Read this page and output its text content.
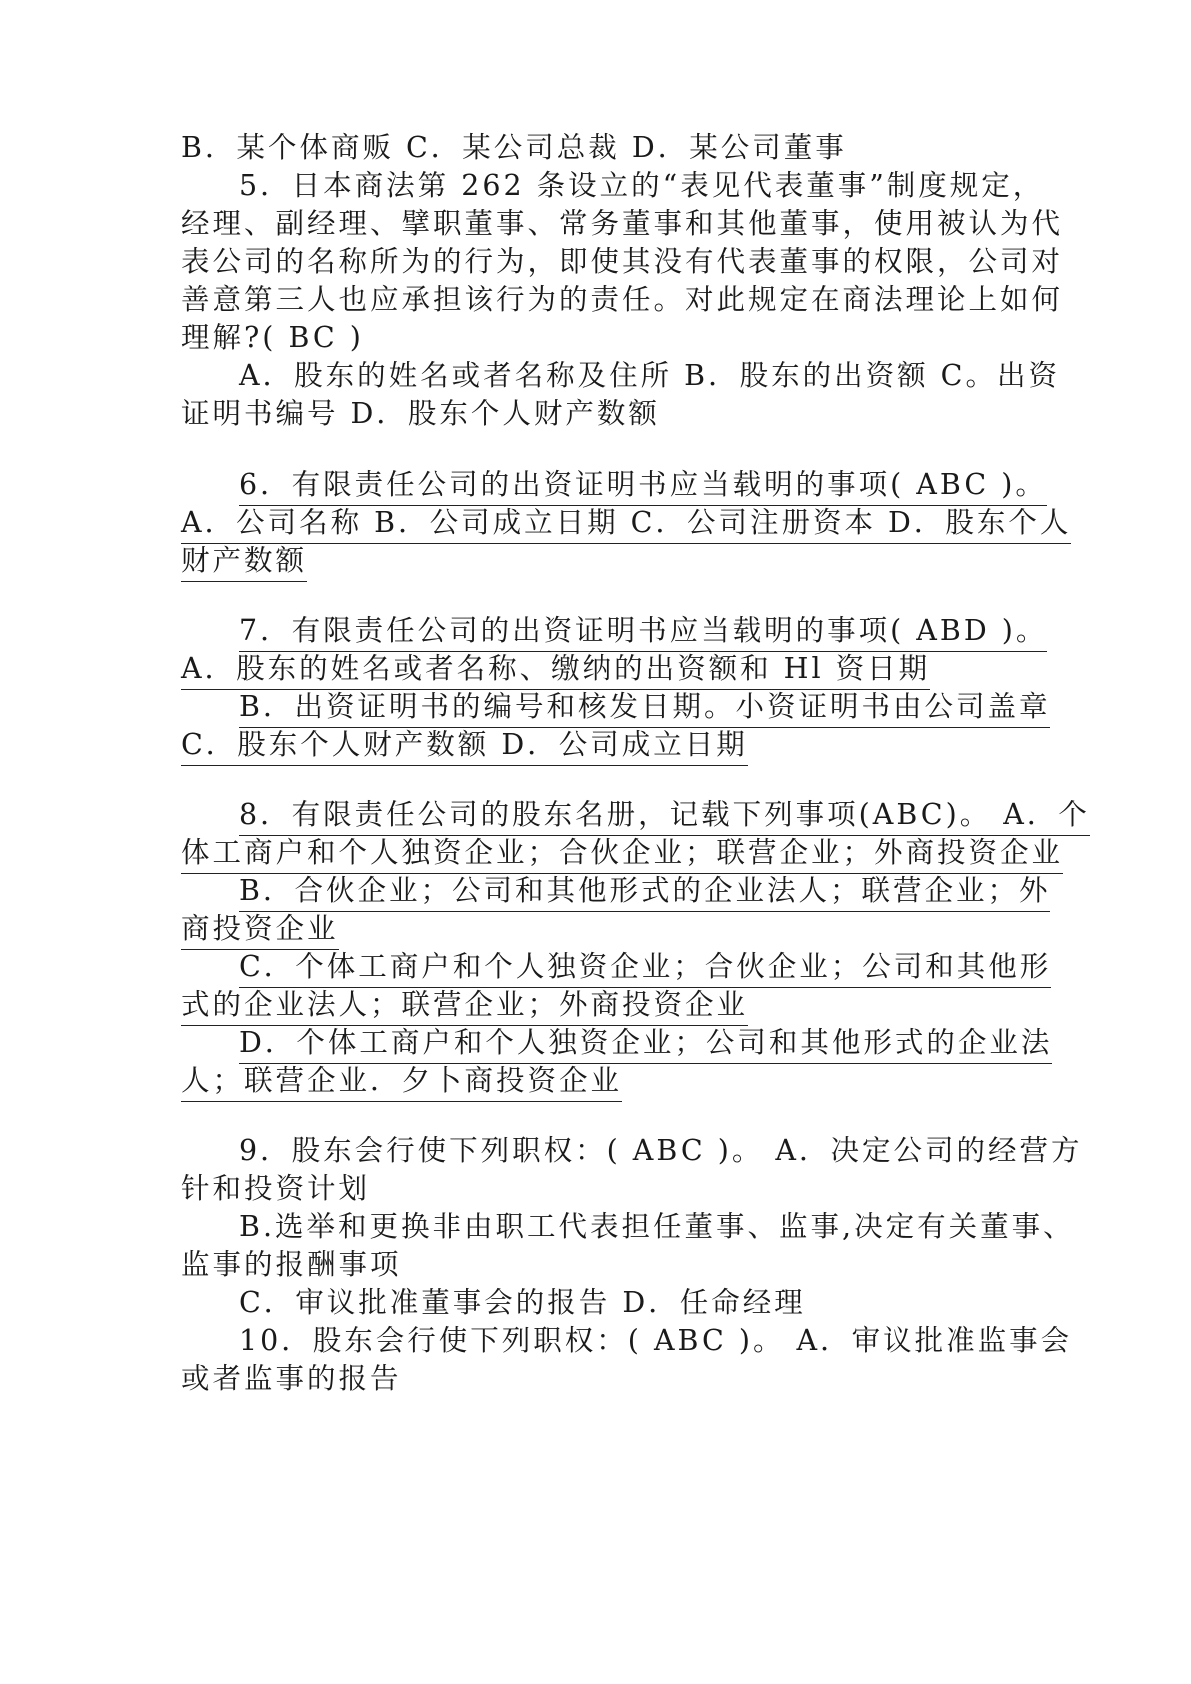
B．某个体商贩 C．某公司总裁 D．某公司董事

5．日本商法第 262 条设立的“表见代表董事”制度规定，

经理、副经理、擘职董事、常务董事和其他董事，使用被认为代

表公司的名称所为的行为，即使其没有代表董事的权限，公司对

善意第三人也应承担该行为的责任。对此规定在商法理论上如何

理解?( BC )

A．股东的姓名或者名称及住所 B．股东的出资额 C。出资

证明书编号 D．股东个人财产数额

6．有限责任公司的出资证明书应当载明的事项( ABC )。

A．公司名称 B．公司成立日期 C．公司注册资本 D．股东个人

财产数额

7．有限责任公司的出资证明书应当载明的事项( ABD )。

A．股东的姓名或者名称、缴纳的出资额和 Hl 资日期

B．出资证明书的编号和核发日期。小资证明书由公司盖章

C．股东个人财产数额 D．公司成立日期

8．有限责任公司的股东名册，记载下列事项(ABC)。 A．个

体工商户和个人独资企业；合伙企业；联营企业；外商投资企业

B．合伙企业；公司和其他形式的企业法人；联营企业；外

商投资企业

C．个体工商户和个人独资企业；合伙企业；公司和其他形

式的企业法人；联营企业；外商投资企业

D．个体工商户和个人独资企业；公司和其他形式的企业法

人；联营企业．夕卜商投资企业

9．股东会行使下列职权：( ABC )。 A．决定公司的经营方

针和投资计划

B.选举和更换非由职工代表担任董事、监事,决定有关董事、

监事的报酬事项

C．审议批准董事会的报告 D．任命经理

10．股东会行使下列职权：( ABC )。 A．审议批准监事会

或者监事的报告
